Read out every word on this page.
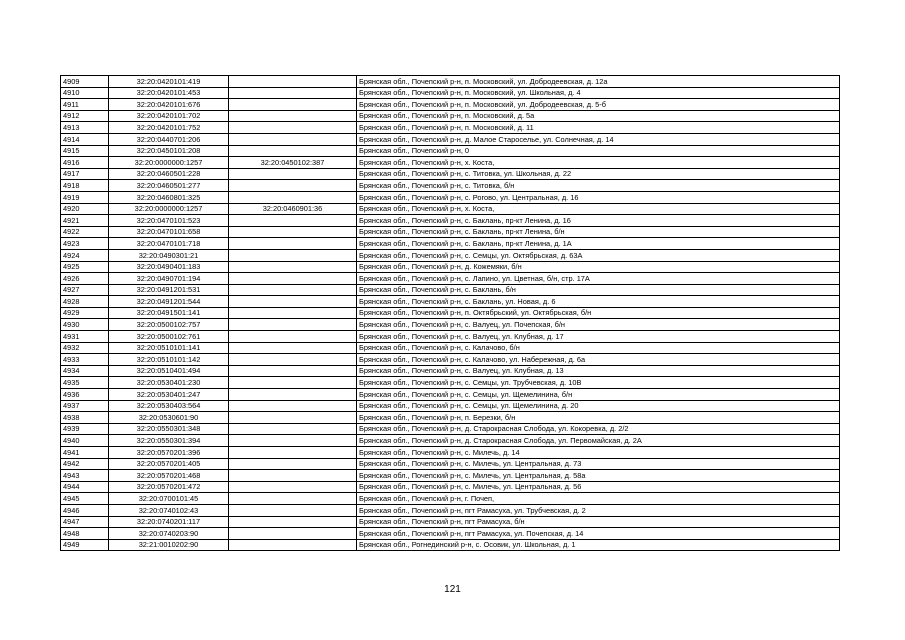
4909	32:20:0420101:419		Брянская обл., Почепский р-н, п. Московский, ул. Добродеевская, д. 12а
4910	32:20:0420101:453		Брянская обл., Почепский р-н, п. Московский, ул. Школьная, д. 4
4911	32:20:0420101:676		Брянская обл., Почепский р-н, п. Московский, ул. Добродеевская, д. 5-б
4912	32:20:0420101:702		Брянская обл., Почепский р-н, п. Московский, д. 5а
4913	32:20:0420101:752		Брянская обл., Почепский р-н, п. Московский, д. 11
4914	32:20:0440701:206		Брянская обл., Почепский р-н, д. Малое Староселье, ул. Солнечная, д. 14
4915	32:20:0450101:208		Брянская обл., Почепский р-н, 0
4916	32:20:0000000:1257	32:20:0450102:387	Брянская обл., Почепский р-н, х. Коста,
4917	32:20:0460501:228		Брянская обл., Почепский р-н, с. Титовка, ул. Школьная, д. 22
4918	32:20:0460501:277		Брянская обл., Почепский р-н, с. Титовка, б/н
4919	32:20:0460801:325		Брянская обл., Почепский р-н, с. Рогово, ул. Центральная, д. 16
4920	32:20:0000000:1257	32:20:0460901:36	Брянская обл., Почепский р-н, х. Коста,
4921	32:20:0470101:523		Брянская обл., Почепский р-н, с. Баклань, пр-кт Ленина, д. 16
4922	32:20:0470101:658		Брянская обл., Почепский р-н, с. Баклань, пр-кт Ленина, б/н
4923	32:20:0470101:718		Брянская обл., Почепский р-н, с. Баклань, пр-кт Ленина, д. 1А
4924	32:20:0490301:21		Брянская обл., Почепский р-н, с. Семцы, ул. Октябрьская, д. 63А
4925	32:20:0490401:183		Брянская обл., Почепский р-н, д. Кожемяки, б/н
4926	32:20:0490701:194		Брянская обл., Почепский р-н, с. Лапино, ул. Цветная, б/н, стр. 17А
4927	32:20:0491201:531		Брянская обл., Почепский р-н, с. Баклань, б/н
4928	32:20:0491201:544		Брянская обл., Почепский р-н, с. Баклань, ул. Новая, д. 6
4929	32:20:0491501:141		Брянская обл., Почепский р-н, п. Октябрьский, ул. Октябрьская, б/н
4930	32:20:0500102:757		Брянская обл., Почепский р-н, с. Валуец, ул. Почепская, б/н
4931	32:20:0500102:761		Брянская обл., Почепский р-н, с. Валуец, ул. Клубная, д. 17
4932	32:20:0510101:141		Брянская обл., Почепский р-н, с. Калачово, б/н
4933	32:20:0510101:142		Брянская обл., Почепский р-н, с. Калачово, ул. Набережная, д. 6а
4934	32:20:0510401:494		Брянская обл., Почепский р-н, с. Валуец, ул. Клубная, д. 13
4935	32:20:0530401:230		Брянская обл., Почепский р-н, с. Семцы, ул. Трубчевская, д. 10В
4936	32:20:0530401:247		Брянская обл., Почепский р-н, с. Семцы, ул. Щемелинина, б/н
4937	32:20:0530403:564		Брянская обл., Почепский р-н, с. Семцы, ул. Щемелинина, д. 20
4938	32:20:0530601:90		Брянская обл., Почепский р-н, п. Березки, б/н
4939	32:20:0550301:348		Брянская обл., Почепский р-н, д. Старокрасная Слобода, ул. Кокоревка, д. 2/2
4940	32:20:0550301:394		Брянская обл., Почепский р-н, д. Старокрасная Слобода, ул. Первомайская, д. 2А
4941	32:20:0570201:396		Брянская обл., Почепский р-н, с. Милечь, д. 14
4942	32:20:0570201:405		Брянская обл., Почепский р-н, с. Милечь, ул. Центральная, д. 73
4943	32:20:0570201:468		Брянская обл., Почепский р-н, с. Милечь, ул. Центральная, д. 58а
4944	32:20:0570201:472		Брянская обл., Почепский р-н, с. Милечь, ул. Центральная, д. 56
4945	32:20:0700101:45		Брянская обл., Почепский р-н, г. Почеп,
4946	32:20:0740102:43		Брянская обл., Почепский р-н, пгт Рамасуха, ул. Трубчевская, д. 2
4947	32:20:0740201:117		Брянская обл., Почепский р-н, пгт Рамасуха, б/н
4948	32:20:0740203:90		Брянская обл., Почепский р-н, пгт Рамасуха, ул. Почепская, д. 14
4949	32:21:0010202:90		Брянская обл., Рогнединский р-н, с. Осовик, ул. Школьная, д. 1
121
